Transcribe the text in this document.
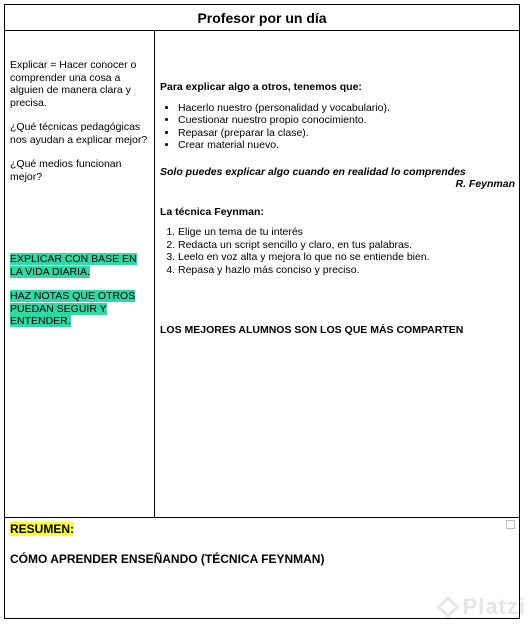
Profesor por un día

Explicar = Hacer conocer o comprender una cosa a alguien de manera clara y precisa.

¿Qué técnicas pedagógicas nos ayudan a explicar mejor?

¿Qué medios funcionan mejor?

EXPLICAR CON BASE EN LA VIDA DIARIA.

HAZ NOTAS QUE OTROS PUEDAN SEGUIR Y ENTENDER.

Para explicar algo a otros, tenemos que:
• Hacerlo nuestro (personalidad y vocabulario).
• Cuestionar nuestro propio conocimiento.
• Repasar (preparar la clase).
• Crear material nuevo.
Solo puedes explicar algo cuando en realidad lo comprendes
R. Feynman
La técnica Feynman:
1. Elige un tema de tu interés
2. Redacta un script sencillo y claro, en tus palabras.
3. Leelo en voz alta y mejora lo que no se entiende bien.
4. Repasa y hazlo más conciso y preciso.
LOS MEJORES ALUMNOS SON LOS QUE MÁS COMPARTEN
RESUMEN:
CÓMO APRENDER ENSEÑANDO (TÉCNICA FEYNMAN)
Platzi
